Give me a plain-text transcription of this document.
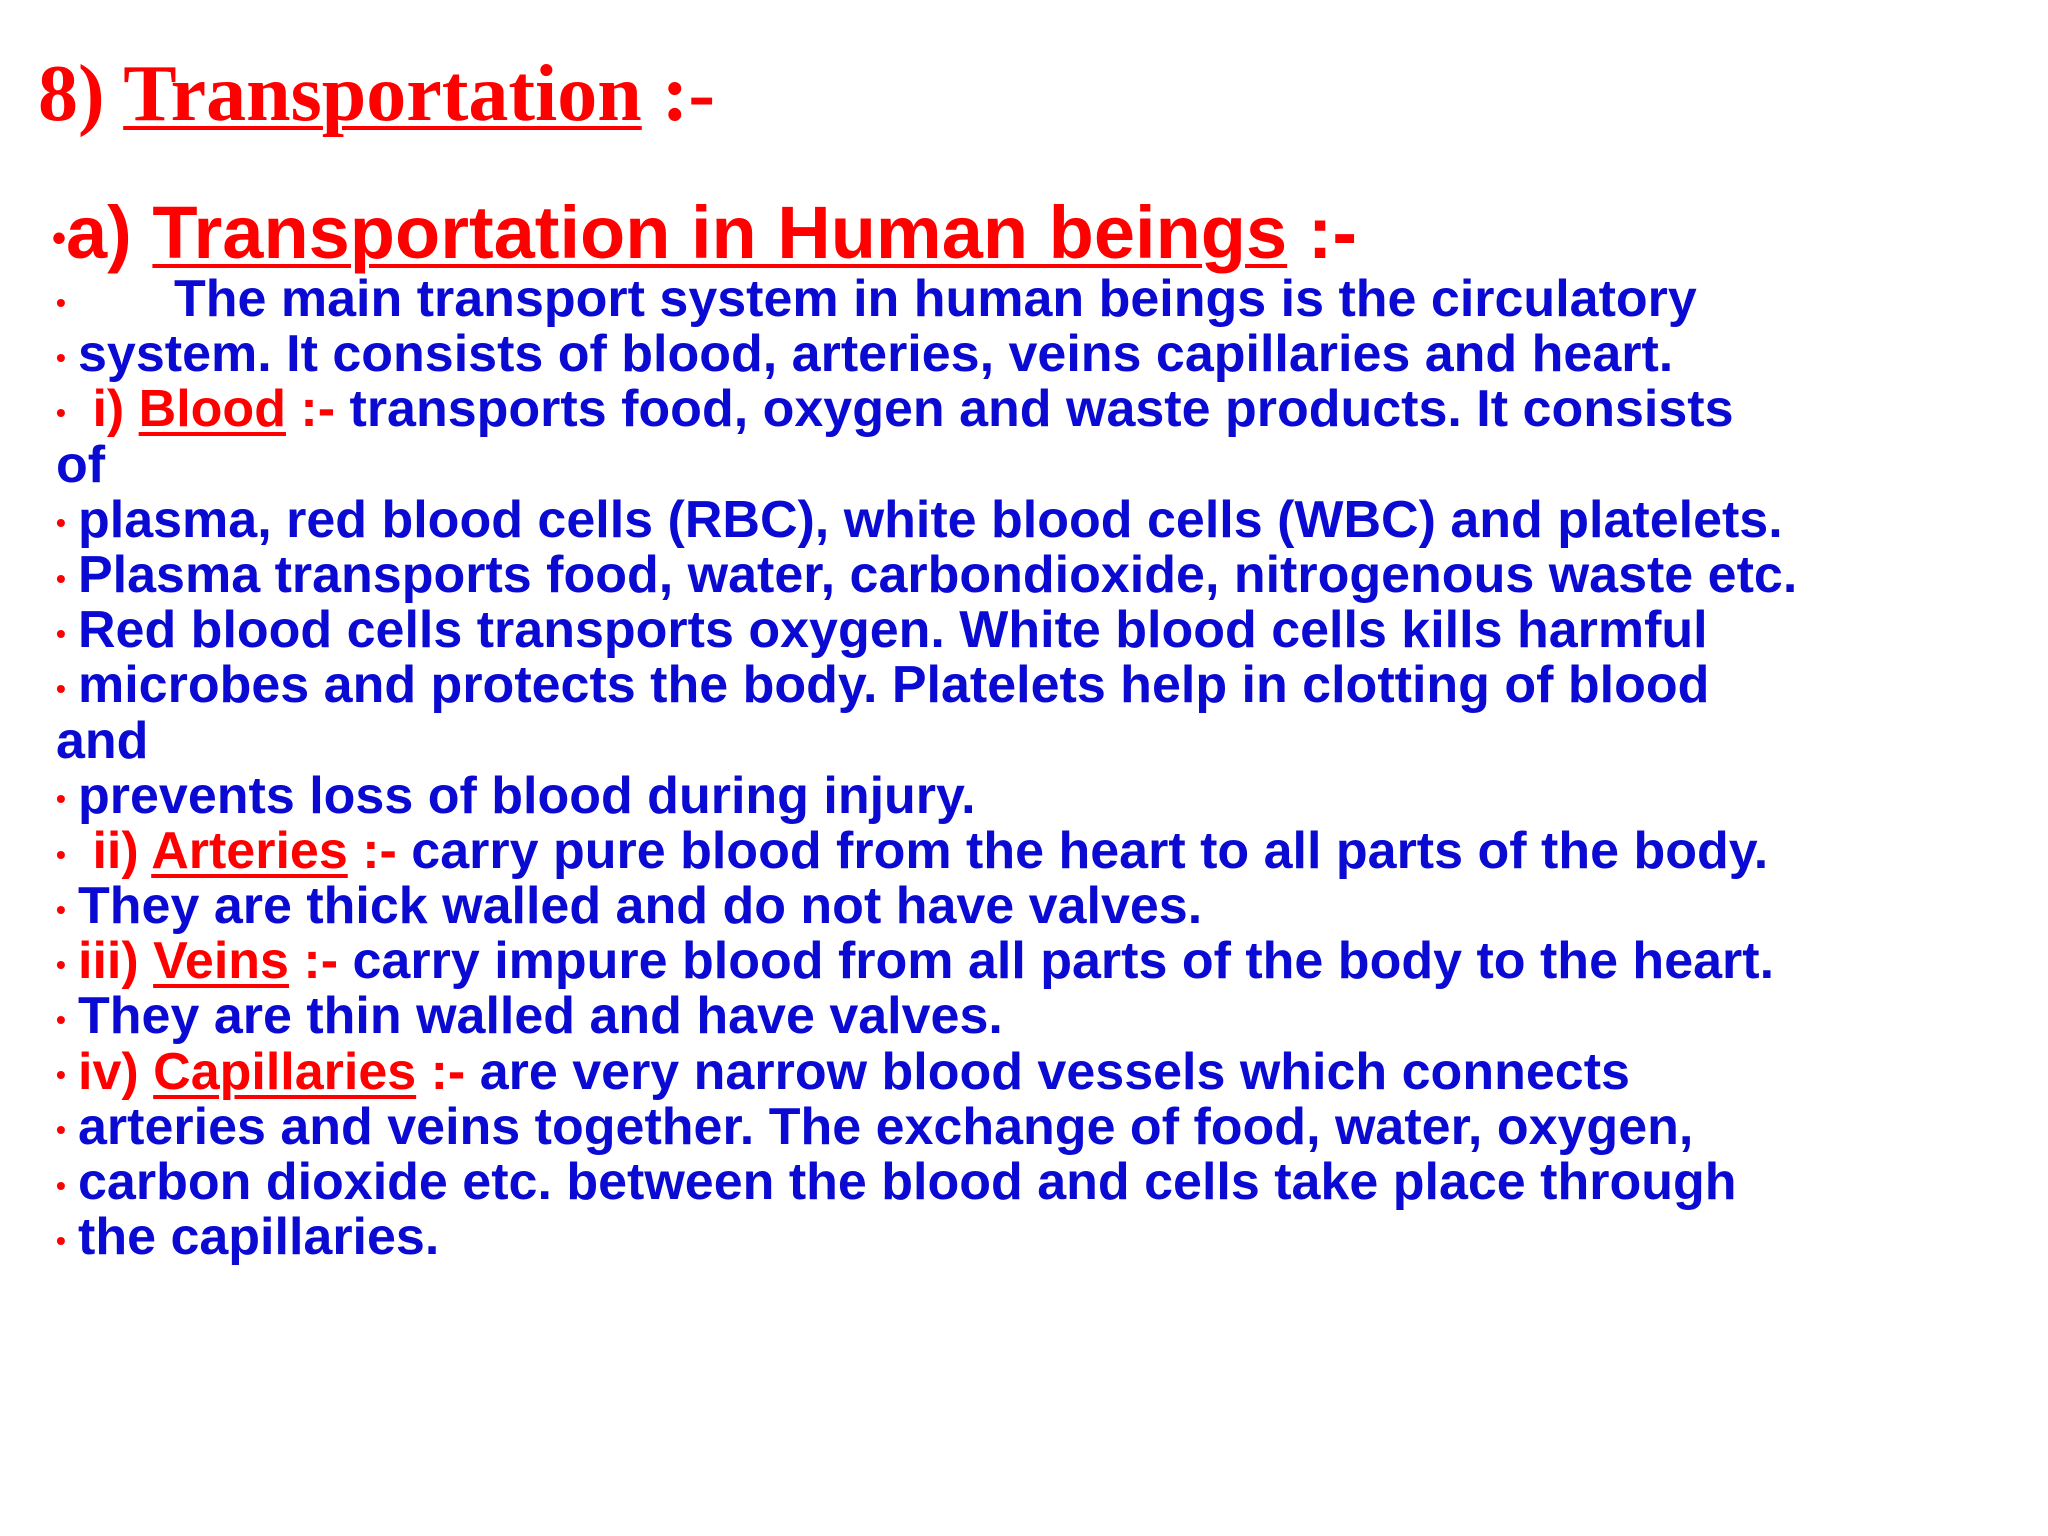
8) Transportation :-
•a) Transportation in Human beings :-
• The main transport system in human beings is the circulatory
• system. It consists of blood, arteries, veins capillaries and heart.
• i) Blood :- transports food, oxygen and waste products. It consists
of
• plasma, red blood cells (RBC), white blood cells (WBC) and platelets.
• Plasma transports food, water, carbondioxide, nitrogenous waste etc.
• Red blood cells transports oxygen. White blood cells kills harmful
• microbes and protects the body. Platelets help in clotting of blood
and
• prevents loss of blood during injury.
• ii) Arteries :- carry pure blood from the heart to all parts of the body.
• They are thick walled and do not have valves.
• iii) Veins :- carry impure blood from all parts of the body to the heart.
• They are thin walled and have valves.
• iv) Capillaries :- are very narrow blood vessels which connects
• arteries and veins together. The exchange of food, water, oxygen,
• carbon dioxide etc. between the blood and cells take place through
• the capillaries.
